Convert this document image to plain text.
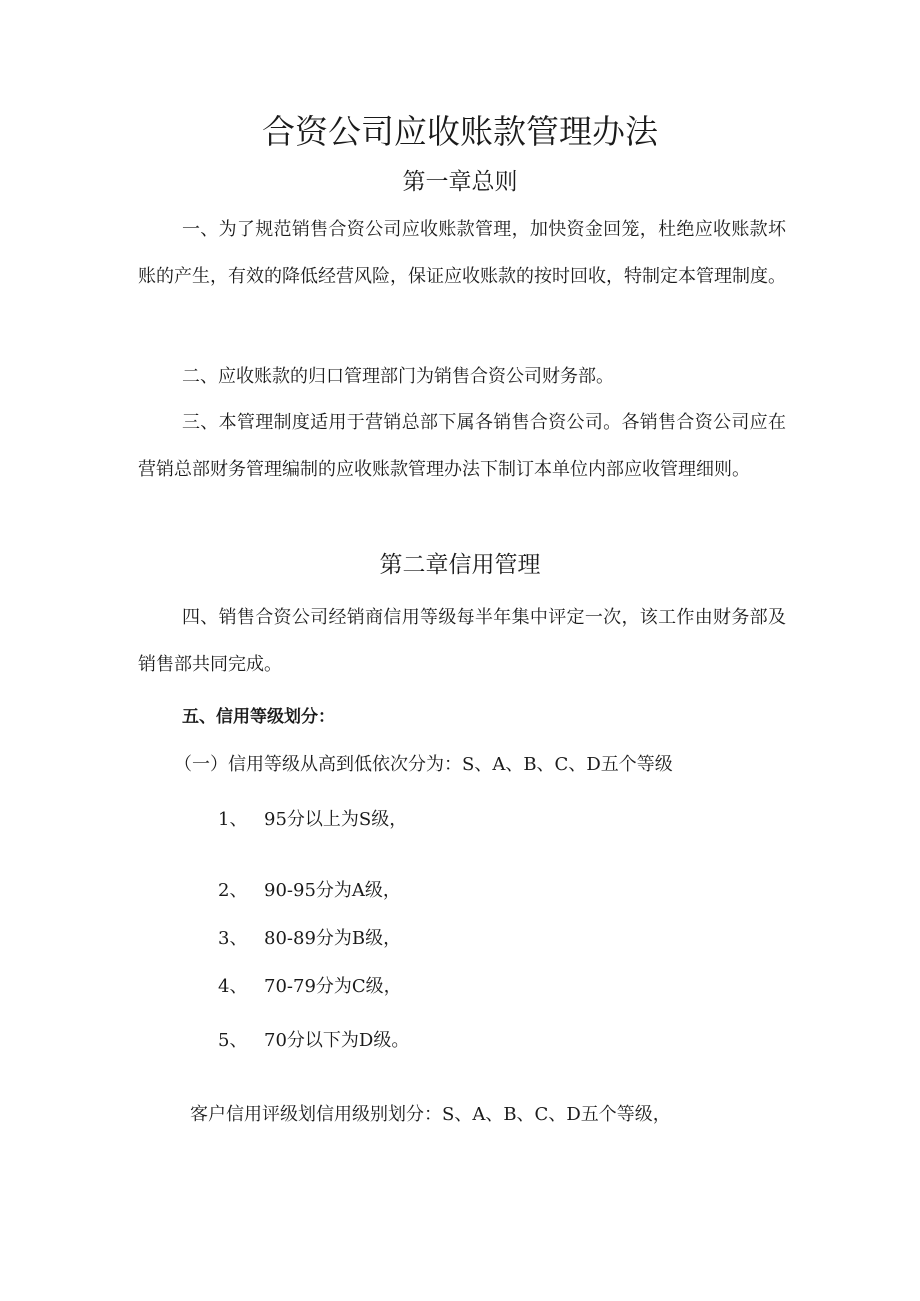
合资公司应收账款管理办法
第一章总则

一、为了规范销售合资公司应收账款管理，加快资金回笼，杜绝应收账款坏账的产生，有效的降低经营风险，保证应收账款的按时回收，特制定本管理制度。

二、应收账款的归口管理部门为销售合资公司财务部。

三、本管理制度适用于营销总部下属各销售合资公司。各销售合资公司应在营销总部财务管理编制的应收账款管理办法下制订本单位内部应收管理细则。

第二章信用管理

四、销售合资公司经销商信用等级每半年集中评定一次，该工作由财务部及销售部共同完成。

五、信用等级划分：

（一）信用等级从高到低依次分为：S、A、B、C、D五个等级

1、 95分以上为S级，

2、 90-95分为A级，

3、 80-89分为B级，

4、 70-79分为C级，

5、 70分以下为D级。

客户信用评级划信用级别划分：S、A、B、C、D五个等级，
